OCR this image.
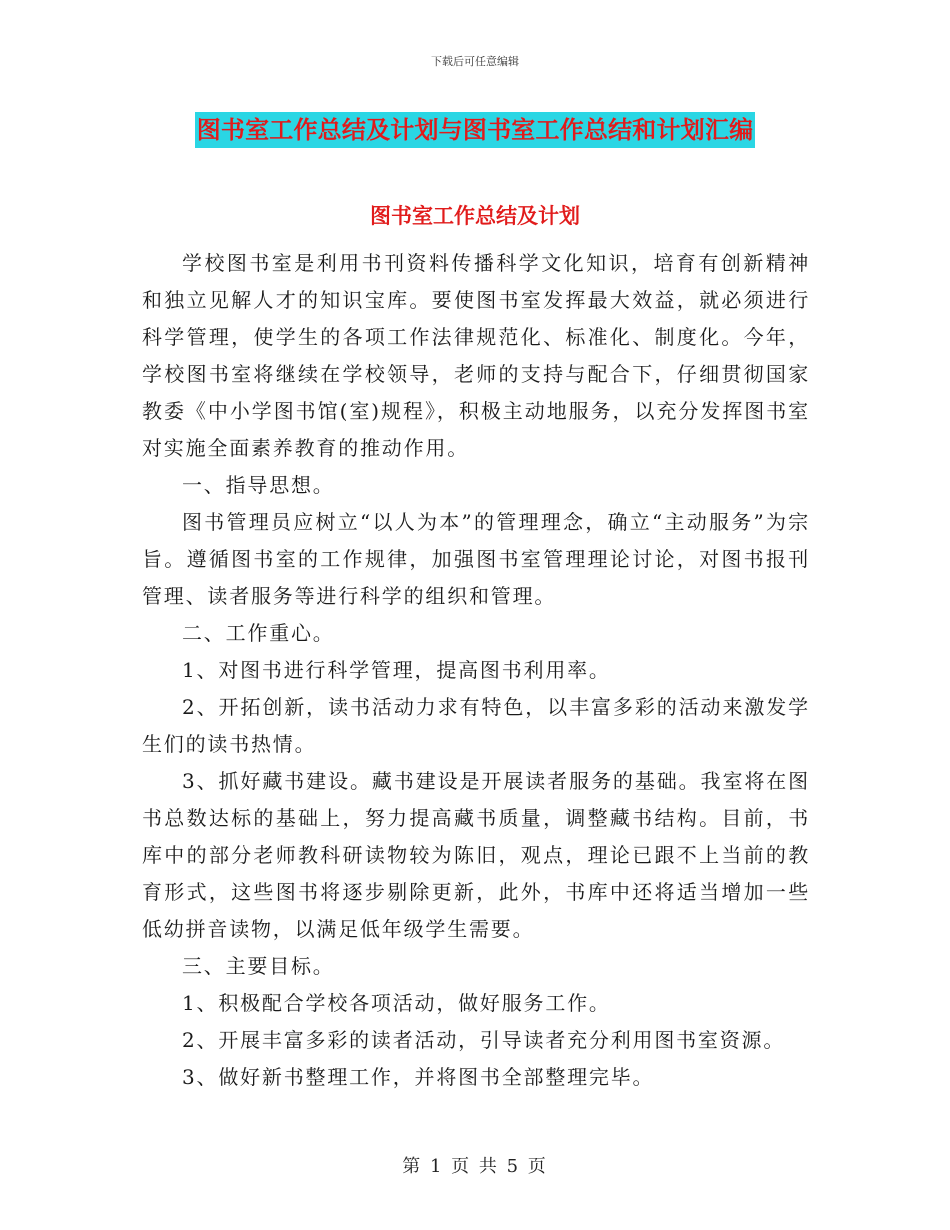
下载后可任意编辑
图书室工作总结及计划与图书室工作总结和计划汇编
图书室工作总结及计划

学校图书室是利用书刊资料传播科学文化知识，培育有创新精神和独立见解人才的知识宝库。要使图书室发挥最大效益，就必须进行科学管理，使学生的各项工作法律规范化、标准化、制度化。今年，学校图书室将继续在学校领导，老师的支持与配合下，仔细贯彻国家教委《中小学图书馆(室)规程》，积极主动地服务，以充分发挥图书室对实施全面素养教育的推动作用。

一、指导思想。

图书管理员应树立“以人为本”的管理理念，确立“主动服务”为宗旨。遵循图书室的工作规律，加强图书室管理理论讨论，对图书报刊管理、读者服务等进行科学的组织和管理。

二、工作重心。

1、对图书进行科学管理，提高图书利用率。

2、开拓创新，读书活动力求有特色，以丰富多彩的活动来激发学生们的读书热情。

3、抓好藏书建设。藏书建设是开展读者服务的基础。我室将在图书总数达标的基础上，努力提高藏书质量，调整藏书结构。目前，书库中的部分老师教科研读物较为陈旧，观点，理论已跟不上当前的教育形式，这些图书将逐步剔除更新，此外，书库中还将适当增加一些低幼拼音读物，以满足低年级学生需要。

三、主要目标。

1、积极配合学校各项活动，做好服务工作。

2、开展丰富多彩的读者活动，引导读者充分利用图书室资源。

3、做好新书整理工作，并将图书全部整理完毕。

第 1 页 共 5 页
